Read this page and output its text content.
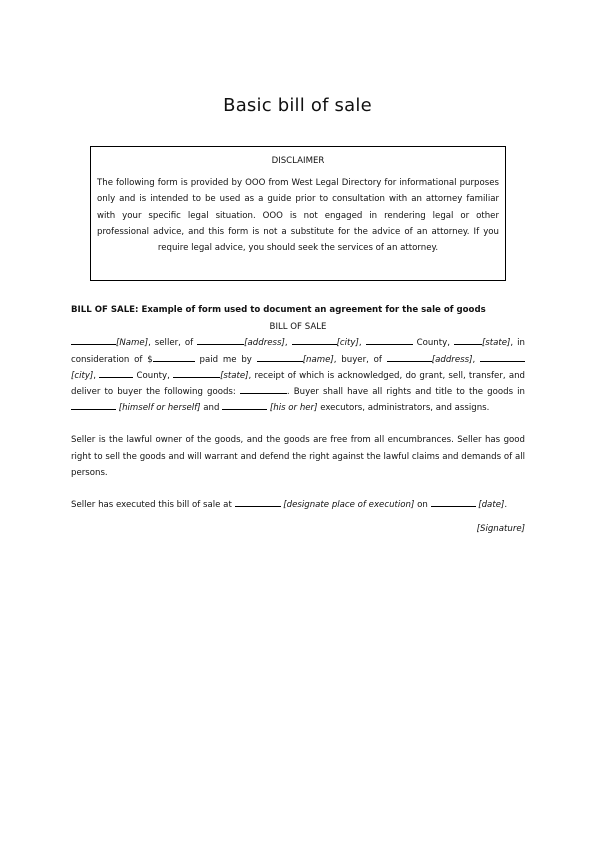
Basic bill of sale
DISCLAIMER

The following form is provided by OOO from West Legal Directory for informational purposes only and is intended to be used as a guide prior to consultation with an attorney familiar with your specific legal situation. OOO is not engaged in rendering legal or other professional advice, and this form is not a substitute for the advice of an attorney. If you require legal advice, you should seek the services of an attorney.

BILL OF SALE: Example of form used to document an agreement for the sale of goods
BILL OF SALE

[Name], seller, of	[address],	[city],	County,	[state], in consideration of $	paid me by	[name], buyer, of	[address], [city],	County,	[state], receipt of which is acknowledged, do grant, sell, transfer, and deliver to buyer the following goods:	. Buyer shall have all rights and title to the goods in  [himself or herself] and	[his or her] executors, administrators, and assigns.

Seller is the lawful owner of the goods, and the goods are free from all encumbrances. Seller has good right to sell the goods and will warrant and defend the right against the lawful claims and demands of all persons.

Seller has executed this bill of sale at	[designate place of execution] on	[date].

[Signature]
